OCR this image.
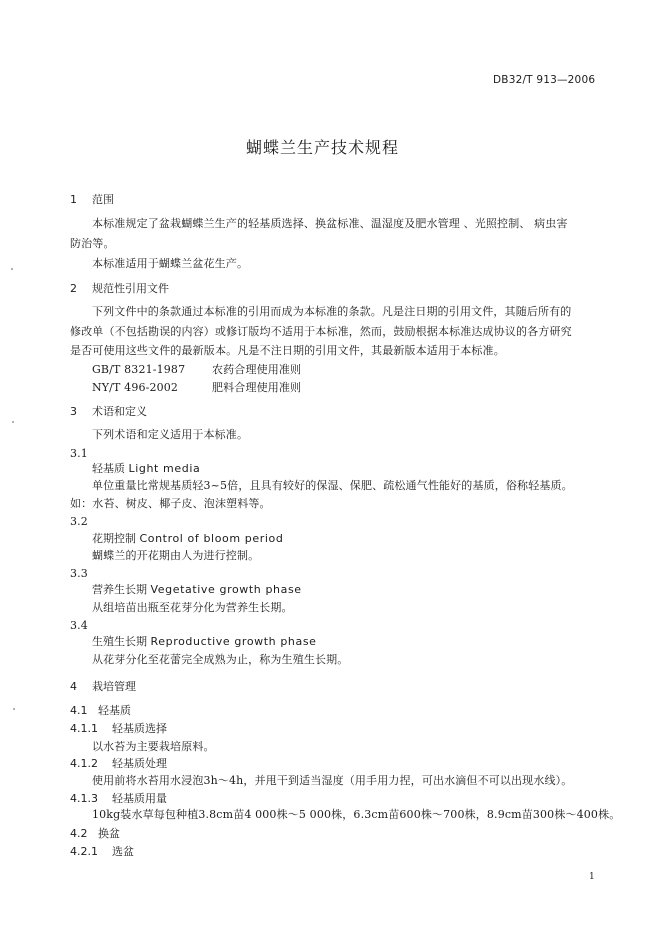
DB32/T 913—2006
蝴蝶兰生产技术规程
1 范围
本标准规定了盆栽蝴蝶兰生产的轻基质选择、换盆标准、温湿度及肥水管理 、光照控制、 病虫害
防治等。
本标准适用于蝴蝶兰盆花生产。
2 规范性引用文件
下列文件中的条款通过本标准的引用而成为本标准的条款。凡是注日期的引用文件，其随后所有的
修改单（不包括勘误的内容）或修订版均不适用于本标准，然而，鼓励根据本标准达成协议的各方研究
是否可使用这些文件的最新版本。凡是不注日期的引用文件，其最新版本适用于本标准。
GB/T 8321-1987 农药合理使用准则
NY/T 496-2002	肥料合理使用准则
3 术语和定义
下列术语和定义适用于本标准。
3.1
轻基质 Light media
单位重量比常规基质轻3~5倍，且具有较好的保湿、保肥、疏松通气性能好的基质，俗称轻基质。
如：水苔、树皮、椰子皮、泡沫塑料等。
3.2
花期控制 Control of bloom period
蝴蝶兰的开花期由人为进行控制。
3.3
营养生长期 Vegetative growth phase
从组培苗出瓶至花芽分化为营养生长期。
3.4
生殖生长期 Reproductive growth phase
从花芽分化至花蕾完全成熟为止，称为生殖生长期。
4 栽培管理
4.1 轻基质
4.1.1 轻基质选择
以水苔为主要栽培原料。
4.1.2 轻基质处理
使用前将水苔用水浸泡3h～4h，并甩干到适当湿度（用手用力捏，可出水滴但不可以出现水线）。
4.1.3 轻基质用量
10kg装水草每包种植3.8cm苗4 000株～5 000株，6.3cm苗600株～700株，8.9cm苗300株～400株。
4.2 换盆
4.2.1 选盆
1
